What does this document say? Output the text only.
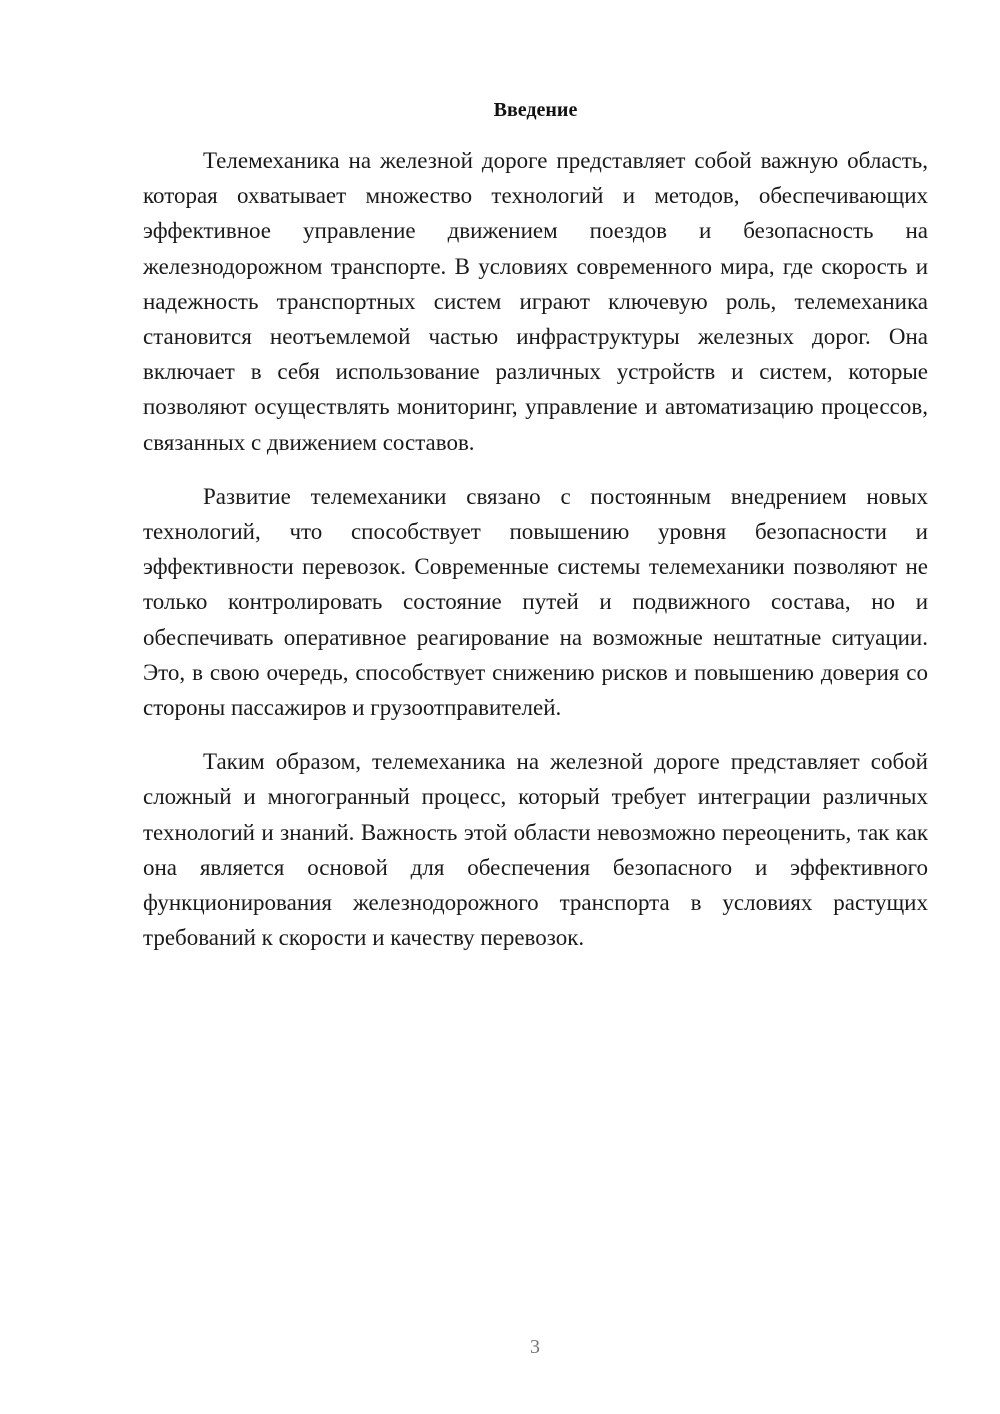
Введение

Телемеханика на железной дороге представляет собой важную область, которая охватывает множество технологий и методов, обеспечивающих эффективное управление движением поездов и безопасность на железнодорожном транспорте. В условиях современного мира, где скорость и надежность транспортных систем играют ключевую роль, телемеханика становится неотъемлемой частью инфраструктуры железных дорог. Она включает в себя использование различных устройств и систем, которые позволяют осуществлять мониторинг, управление и автоматизацию процессов, связанных с движением составов.

Развитие телемеханики связано с постоянным внедрением новых технологий, что способствует повышению уровня безопасности и эффективности перевозок. Современные системы телемеханики позволяют не только контролировать состояние путей и подвижного состава, но и обеспечивать оперативное реагирование на возможные нештатные ситуации. Это, в свою очередь, способствует снижению рисков и повышению доверия со стороны пассажиров и грузоотправителей.

Таким образом, телемеханика на железной дороге представляет собой сложный и многогранный процесс, который требует интеграции различных технологий и знаний. Важность этой области невозможно переоценить, так как она является основой для обеспечения безопасного и эффективного функционирования железнодорожного транспорта в условиях растущих требований к скорости и качеству перевозок.

3
